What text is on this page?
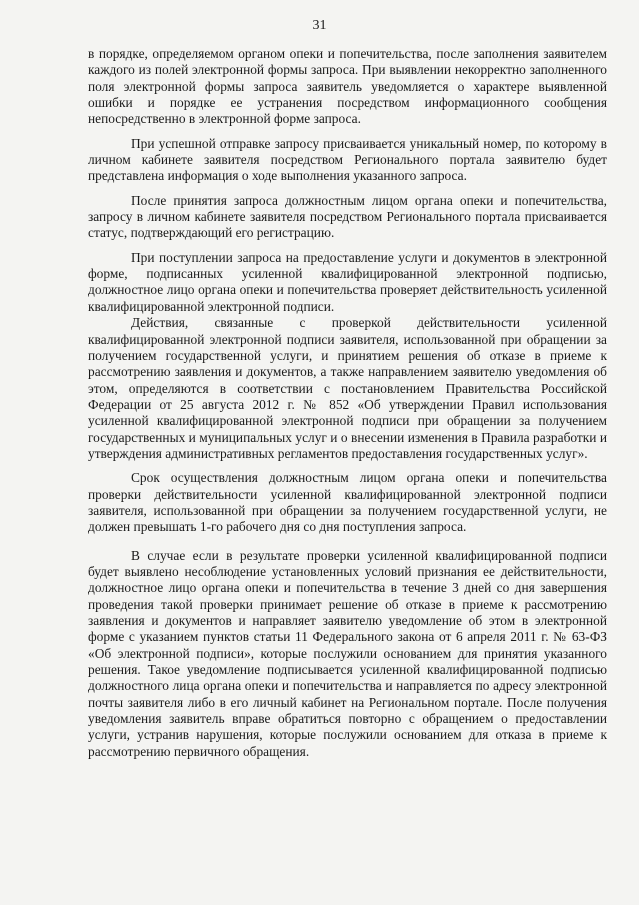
31

в порядке, определяемом органом опеки и попечительства, после заполнения заявителем каждого из полей электронной формы запроса. При выявлении некорректно заполненного поля электронной формы запроса заявитель уведомляется о характере выявленной ошибки и порядке ее устранения посредством информационного сообщения непосредственно в электронной форме запроса.

При успешной отправке запросу присваивается уникальный номер, по которому в личном кабинете заявителя посредством Регионального портала заявителю будет представлена информация о ходе выполнения указанного запроса.

После принятия запроса должностным лицом органа опеки и попечительства, запросу в личном кабинете заявителя посредством Регионального портала присваивается статус, подтверждающий его регистрацию.

При поступлении запроса на предоставление услуги и документов в электронной форме, подписанных усиленной квалифицированной электронной подписью, должностное лицо органа опеки и попечительства проверяет действительность усиленной квалифицированной электронной подписи.

Действия, связанные с проверкой действительности усиленной квалифицированной электронной подписи заявителя, использованной при обращении за получением государственной услуги, и принятием решения об отказе в приеме к рассмотрению заявления и документов, а также направлением заявителю уведомления об этом, определяются в соответствии с постановлением Правительства Российской Федерации от 25 августа 2012 г. № 852 «Об утверждении Правил использования усиленной квалифицированной электронной подписи при обращении за получением государственных и муниципальных услуг и о внесении изменения в Правила разработки и утверждения административных регламентов предоставления государственных услуг».

Срок осуществления должностным лицом органа опеки и попечительства проверки действительности усиленной квалифицированной электронной подписи заявителя, использованной при обращении за получением государственной услуги, не должен превышать 1-го рабочего дня со дня поступления запроса.

В случае если в результате проверки усиленной квалифицированной подписи будет выявлено несоблюдение установленных условий признания ее действительности, должностное лицо органа опеки и попечительства в течение 3 дней со дня завершения проведения такой проверки принимает решение об отказе в приеме к рассмотрению заявления и документов и направляет заявителю уведомление об этом в электронной форме с указанием пунктов статьи 11 Федерального закона от 6 апреля 2011 г. № 63-ФЗ «Об электронной подписи», которые послужили основанием для принятия указанного решения. Такое уведомление подписывается усиленной квалифицированной подписью должностного лица органа опеки и попечительства и направляется по адресу электронной почты заявителя либо в его личный кабинет на Региональном портале. После получения уведомления заявитель вправе обратиться повторно с обращением о предоставлении услуги, устранив нарушения, которые послужили основанием для отказа в приеме к рассмотрению первичного обращения.
